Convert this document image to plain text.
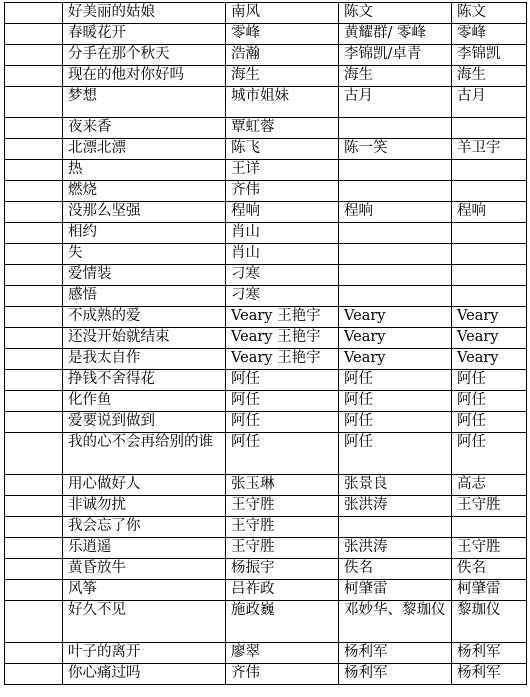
	好美丽的姑娘	南风	陈文	陈文
	春暖花开	零峰	黄耀群/ 零峰	零峰
	分手在那个秋天	浩瀚	李锦凯/卓青	李锦凯
	现在的他对你好吗	海生	海生	海生
	梦想	城市姐妹	古月	古月
	夜来香	覃虹蓉		
	北漂北漂	陈飞	陈一笑	羊卫宇
	热	王详		
	燃烧	齐伟		
	没那么坚强	程响	程响	程响
	相约	肖山		
	失	肖山		
	爱情装	刁寒		
	感悟	刁寒		
	不成熟的爱	Veary 王艳宇	Veary	Veary
	还没开始就结束	Veary 王艳宇	Veary	Veary
	是我太自作	Veary 王艳宇	Veary	Veary
	挣钱不舍得花	阿任	阿任	阿任
	化作鱼	阿任	阿任	阿任
	爱要说到做到	阿任	阿任	阿任
	我的心不会再给别的谁	阿任	阿任	阿任
	用心做好人	张玉琳	张景良	高志
	非诚勿扰	王守胜	张洪涛	王守胜
	我会忘了你	王守胜		
	乐逍遥	王守胜	张洪涛	王守胜
	黄昏放牛	杨振宇	佚名	佚名
	风筝	吕祚政	柯肇雷	柯肇雷
	好久不见	施政巍	邓妙华、黎珈仪	黎珈仪
	叶子的离开	廖翠	杨利军	杨利军
	你心痛过吗	齐伟	杨利军	杨利军
